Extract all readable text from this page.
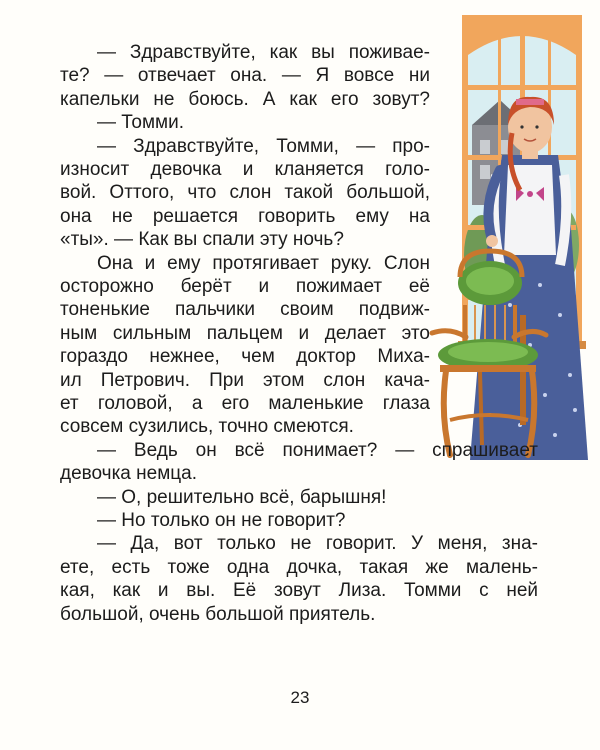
23
— Здравствуйте, как вы поживае-
те? — отвечает она. — Я вовсе ни
капельки не боюсь. А как его зовут?
— Томми.
— Здравствуйте, Томми, — про-
износит девочка и кланяется голо-
вой. Оттого, что слон такой большой,
она не решается говорить ему на
«ты». — Как вы спали эту ночь?
Она и ему протягивает руку. Слон
осторожно берёт и пожимает её
тоненькие пальчики своим подвиж-
ным сильным пальцем и делает это
гораздо нежнее, чем доктор Миха-
ил Петрович. При этом слон кача-
ет головой, а его маленькие глаза
совсем сузились, точно смеются.
— Ведь он всё понимает? — спрашивает
девочка немца.
— О, решительно всё, барышня!
— Но только он не говорит?
— Да, вот только не говорит. У меня, зна-
ете, есть тоже одна дочка, такая же малень-
кая, как и вы. Её зовут Лиза. Томми с ней
большой, очень большой приятель.
